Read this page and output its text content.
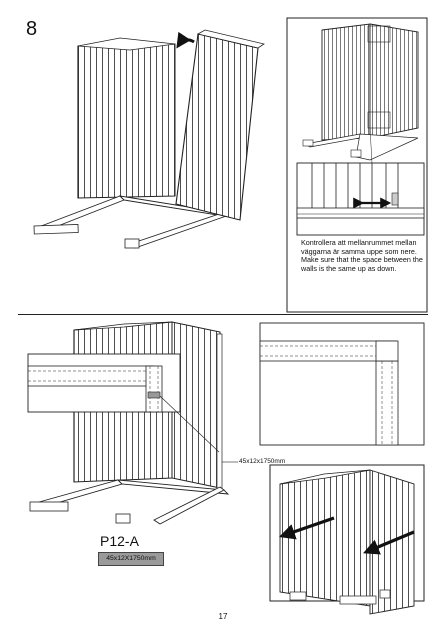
8

Kontrollera att mellanrummet mellan väggarna är samma uppe som nere.

Make sure that the space between the walls is the same up as down.

45x12x1750mm
P12-A
45x12X1750mm
17
